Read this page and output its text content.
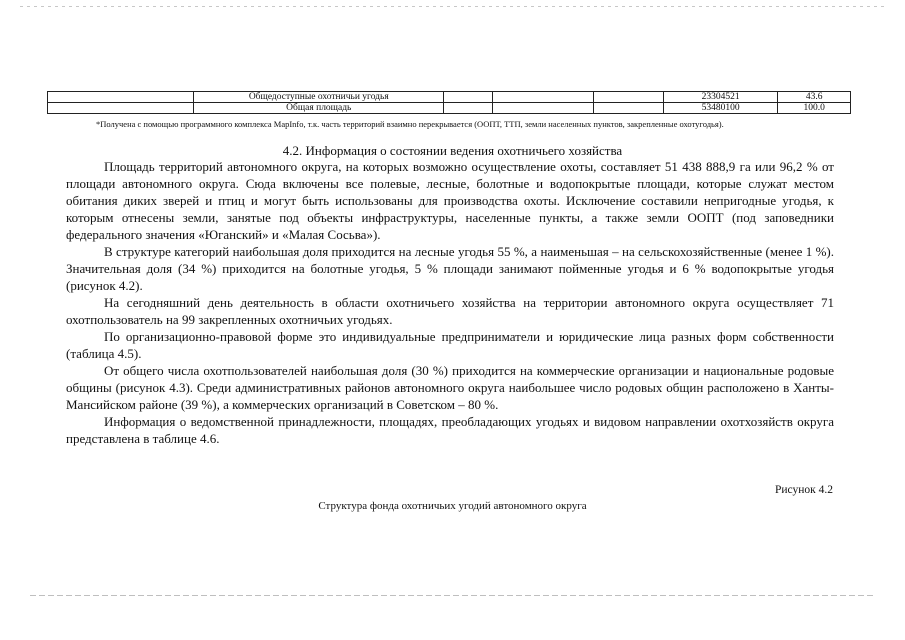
	Общедоступные охотничьи угодья				23304521	43.6
	Общая площадь				53480100	100.0
*Получена с помощью программного комплекса MapInfo, т.к. часть территорий взаимно перекрывается (ООПТ, ТТП, земли населенных пунктов, закрепленные охотугодья).
4.2. Информация о состоянии ведения охотничьего хозяйства

Площадь территорий автономного округа, на которых возможно осуществление охоты, составляет 51 438 888,9 га или 96,2 % от площади автономного округа. Сюда включены все полевые, лесные, болотные и водопокрытые площади, которые служат местом обитания диких зверей и птиц и могут быть использованы для производства охоты. Исключение составили непригодные угодья, к которым отнесены земли, занятые под объекты инфраструктуры, населенные пункты, а также земли ООПТ (под заповедники федерального значения «Юганский» и «Малая Сосьва»).

В структуре категорий наибольшая доля приходится на лесные угодья 55 %, а наименьшая – на сельскохозяйственные (менее 1 %). Значительная доля (34 %) приходится на болотные угодья, 5 % площади занимают пойменные угодья и 6 % водопокрытые угодья (рисунок 4.2).

На сегодняшний день деятельность в области охотничьего хозяйства на территории автономного округа осуществляет 71 охотпользователь на 99 закрепленных охотничьих угодьях.

По организационно-правовой форме это индивидуальные предприниматели и юридические лица разных форм собственности (таблица 4.5).

От общего числа охотпользователей наибольшая доля (30 %) приходится на коммерческие организации и национальные родовые общины (рисунок 4.3). Среди административных районов автономного округа наибольшее число родовых общин расположено в Ханты-Мансийском районе (39 %), а коммерческих организаций в Советском – 80 %.

Информация о ведомственной принадлежности, площадях, преобладающих угодьях и видовом направлении охотхозяйств округа представлена в таблице 4.6.

Рисунок 4.2
Структура фонда охотничьих угодий автономного округа
